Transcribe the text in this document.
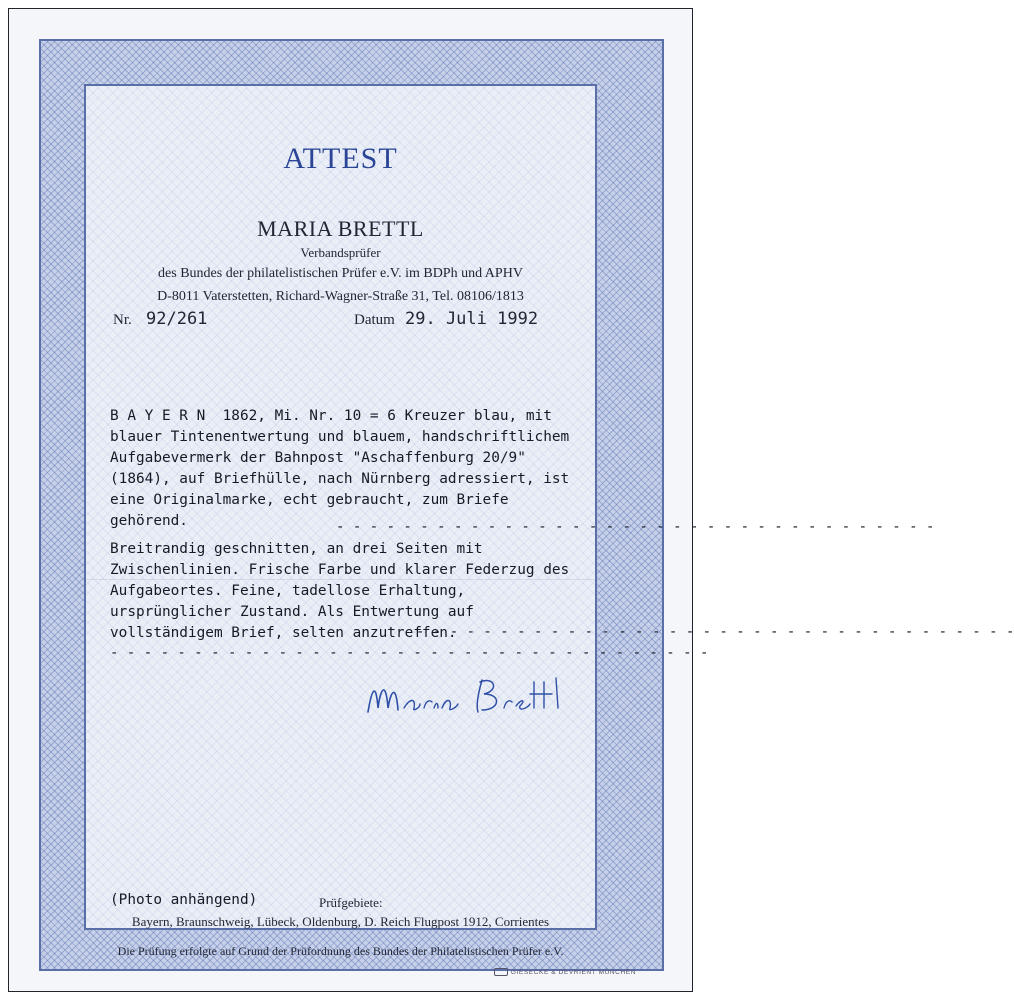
ATTEST
MARIA BRETTL
Verbandsprüfer
des Bundes der philatelistischen Prüfer e.V. im BDPh und APHV
D-8011 Vaterstetten, Richard-Wagner-Straße 31, Tel. 08106/1813
Nr. 92/261	Datum 29. Juli 1992
B A Y E R N  1862, Mi. Nr. 10 = 6 Kreuzer blau, mit blauer Tintenentwertung und blauem, handschriftlichem Aufgabevermerk der Bahnpost "Aschaffenburg 20/9" (1864), auf Briefhülle, nach Nürnberg adressiert, ist eine Originalmarke, echt gebraucht, zum Briefe gehörend.	- - - - - - - - - - - - - - - - - - - - - - - - - - - - - - - - - - - -
Breitrandig geschnitten, an drei Seiten mit Zwischenlinien. Frische Farbe und klarer Federzug des Aufgabeortes. Feine, tadellose Erhaltung, ursprünglicher Zustand. Als Entwertung auf vollständigem Brief, selten anzutreffen.
- - - - - - - - - - - - - - - - - - - - - - - - - - - - - - - - - - - -
- - - - - - - - - - - - - - - - - - - - - - - - - - - - - - - - - - - -
Maria Brettl
(Photo anhängend)	Prüfgebiete:
Bayern, Braunschweig, Lübeck, Oldenburg, D. Reich Flugpost 1912, Corrientes
Die Prüfung erfolgte auf Grund der Prüfordnung des Bundes der Philatelistischen Prüfer e.V.
GIESECKE & DEVRIENT MÜNCHEN
